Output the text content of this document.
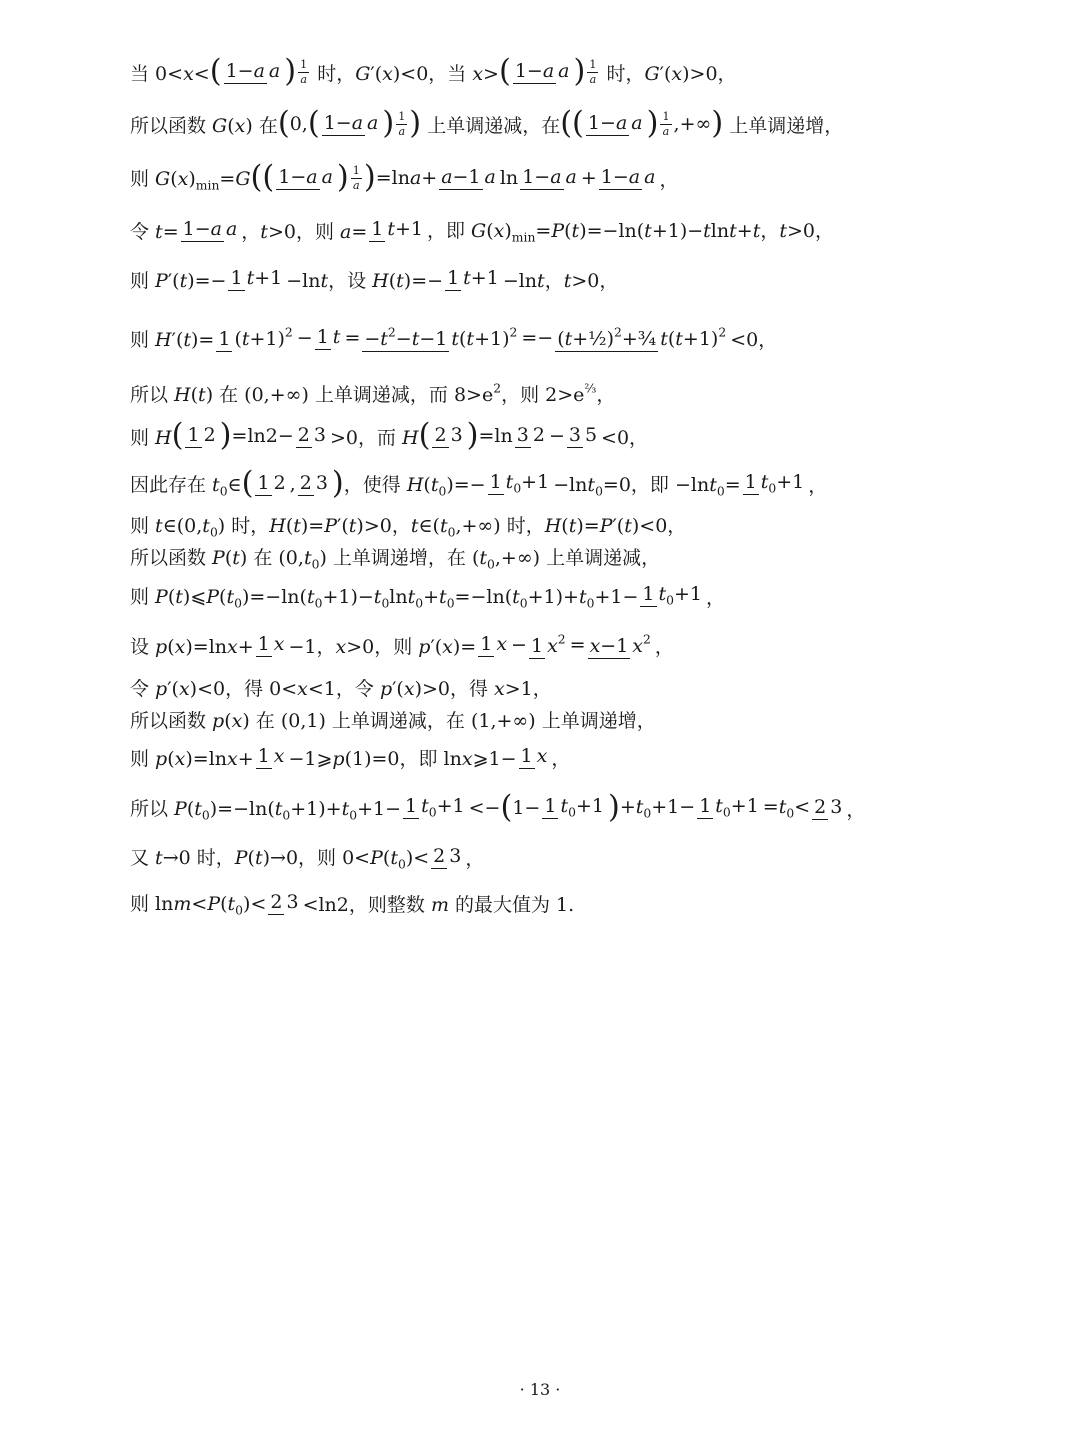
当 0<x< ( 1−a a ) $\frac{1}{a}$ 时，G′(x)<0，当 x> ( 1−a a ) $\frac{1}{a}$ 时，G′(x)>0，
所以函数 G(x) 在 ( 0, ( 1−a a ) $\frac{1}{a}$ ) 上单调递减，在 (( 1−a a ) $\frac{1}{a}$ ,+∞ ) 上单调递增，
则 $G(x)_{min}=G$ (( 1−a a ) $\frac{1}{a}$ ) =lna+ a−1 a ln 1−a a + 1−a a ，
令 t= 1−a a ，t>0，则 a= 1 t+1 ，即 $G(x)_{min}=P(t)=-\ln(t+1)-tlnt+t$，t>0，
则 P′(t)=− 1 t+1 −lnt，设 H(t)=− 1 t+1 −lnt，t>0，
则 H′(t)= 1 $(t+1)^2 - 1$ $t = -t^2-t-1$ $t(t+1)^2$ =− (t+½)$^2$+¾ $t(t+1)^2 <0$，
所以 H(t) 在 (0,+∞) 上单调递减，而 $8>e^2$，则 $2>e^{\frac{2}{3}}$，
则 H ( 1 2 ) =ln2− 2 3 >0，而 H ( 2 3 ) =ln 3 2 − 3 5 <0，
因此存在 $t_0\in$ ( 1 2 , 2 3 ) ，使得 $H(t_0)=- 1$ $t_0+1 -\ln t_0=0$，即 −lnt$_0$= 1 $t_0+1$ ，
则 $t\in(0,t_0)$ 时，H(t)=P′(t)>0，$t\in(t_0,+\infty)$ 时，H(t)=P′(t)<0，
所以函数 P(t) 在 $(0,t_0)$ 上单调递增，在 $(t_0,+\infty)$ 上单调递减，
则 $P(t)⩽P(t_0)=-\ln(t_0+1)-t_0\ln t_0+t_0=-\ln(t_0+1)+t_0+1- 1$ $t_0+1$ ，
设 p(x)=lnx+ 1 x −1，x>0，则 p′(x)= 1 x − 1 $x^2 = x-1$ $x^2$ ，
令 p′(x)<0，得 0<x<1，令 p′(x)>0，得 x>1，
所以函数 p(x) 在 (0,1) 上单调递减，在 (1,+∞) 上单调递增，
则 p(x)=lnx+ 1 x −1⩾p(1)=0，即 lnx⩾1− 1 x ，
所以 $P(t_0)=-\ln(t_0+1)+t_0+1- 1$ $t_0+1$ <− ( 1− 1 $t_0+1$ ) $+t_0+1- 1$ $t_0+1 =t_0< 2$ 3 ，
又 t→0 时，P(t)→0，则 $0<P(t_0)< 2$ 3 ，
则 $\ln m<P(t_0)< 2$ 3 <ln2，则整数 m 的最大值为 1.
· 13 ·
